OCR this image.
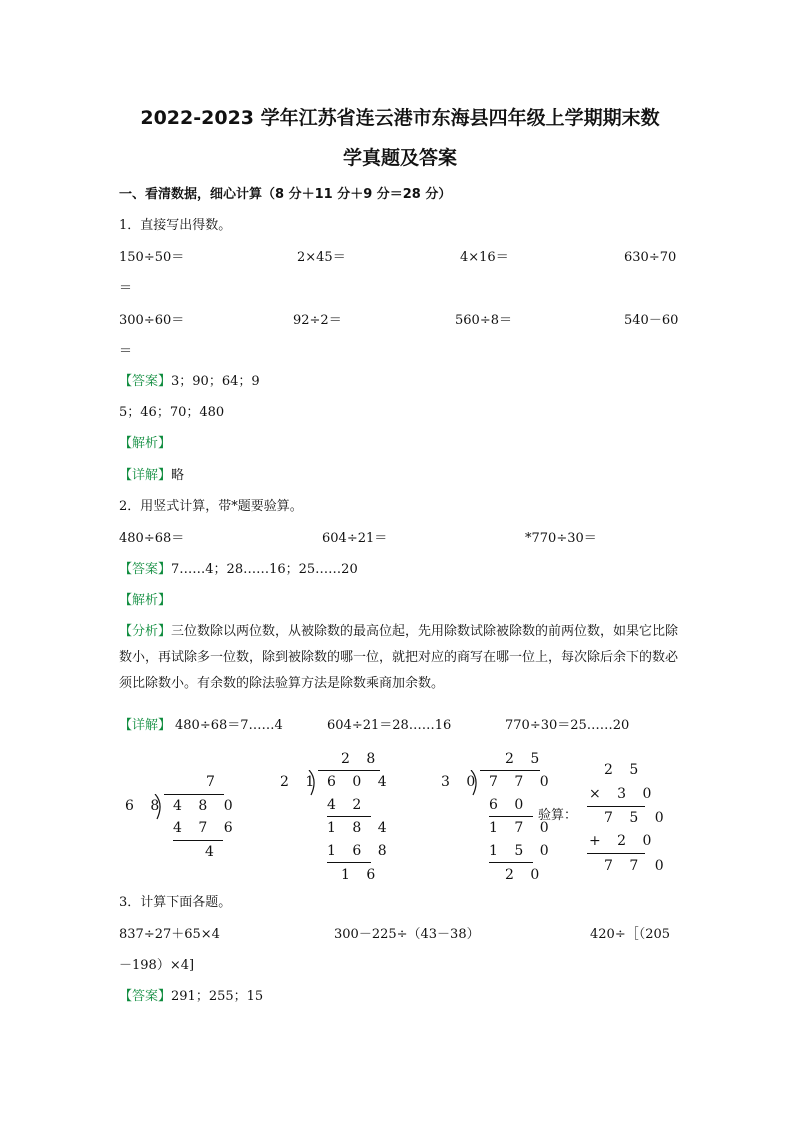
2022-2023 学年江苏省连云港市东海县四年级上学期期末数
学真题及答案
一、看清数据，细心计算（8 分＋11 分＋9 分＝28 分）
1．直接写出得数。
150÷50＝	2×45＝	4×16＝	630÷70
＝
300÷60＝	92÷2＝	560÷8＝	540－60
＝
【答案】3；90；64；9
5；46；70；480
【解析】
【详解】略
2．用竖式计算，带*题要验算。
480÷68＝	604÷21＝	*770÷30＝
【答案】7……4；28……16；25……20
【解析】
【分析】三位数除以两位数，从被除数的最高位起，先用除数试除被除数的前两位数，如果它比除数小，再试除多一位数，除到被除数的哪一位，就把对应的商写在哪一位上，每次除后余下的数必须比除数小。有余数的除法验算方法是除数乘商加余数。
【详解】 480÷68＝7……4	604÷21＝28……16	770÷30＝25……20
7
6 8 4 8 0
4 7 6
4
2 8
2 1 6 0 4
4 2
1 8 4
1 6 8
1 6
2 5
3 0 7 7 0
6 0
1 7 0
1 5 0
2 0
验算：
2 5
× 3 0
7 5 0
+ 2 0
7 7 0
3．计算下面各题。
837÷27＋65×4	300－225÷（43－38）	420÷［（205
－198）×4]
【答案】291；255；15
